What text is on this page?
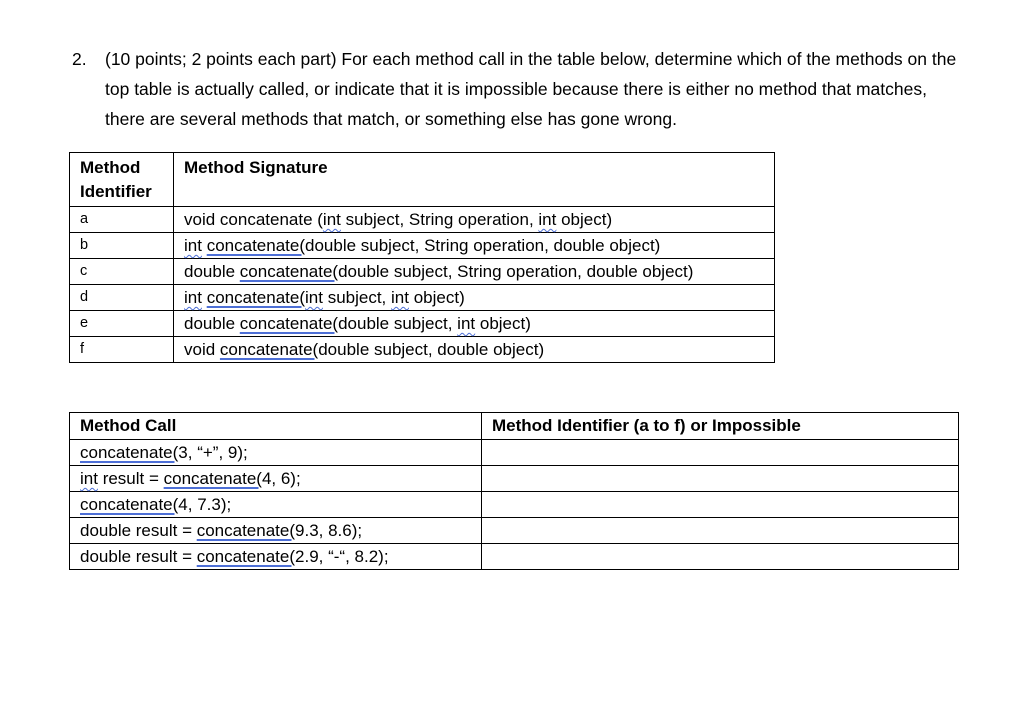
2. (10 points; 2 points each part) For each method call in the table below, determine which of the methods on the top table is actually called, or indicate that it is impossible because there is either no method that matches, there are several methods that match, or something else has gone wrong.
Method Identifier	Method Signature
a	void concatenate (int subject, String operation, int object)
b	int concatenate(double subject, String operation, double object)
c	double concatenate(double subject, String operation, double object)
d	int concatenate(int subject, int object)
e	double concatenate(double subject, int object)
f	void concatenate(double subject, double object)
Method Call	Method Identifier (a to f) or Impossible
concatenate(3, “+”, 9);	
int result = concatenate(4, 6);	
concatenate(4, 7.3);	
double result = concatenate(9.3, 8.6);	
double result = concatenate(2.9, “-“, 8.2);	
